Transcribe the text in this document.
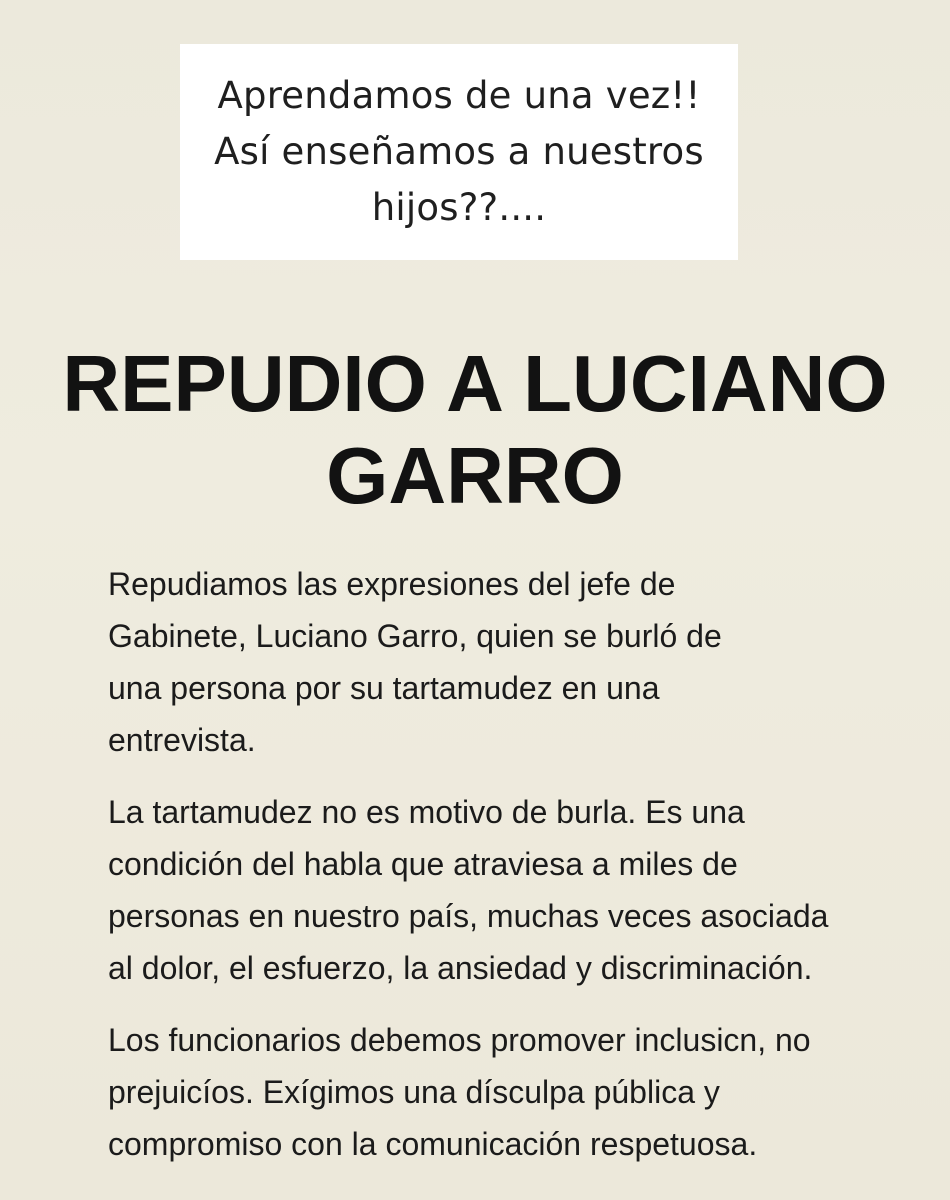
Aprendamos de una vez!! Así enseñamos a nuestros hijos??....
REPUDIO A LUCIANO GARRO

Repudiamos las expresiones del jefe de Gabinete, Luciano Garro, quien se burló de una persona por su tartamudez en una entrevista.

La tartamudez no es motivo de burla. Es una condición del habla que atraviesa a miles de personas en nuestro país, muchas veces asociada al dolor, el esfuerzo, la ansiedad y discriminación.

Los funcionarios debemos promover inclusicn, no prejuicíos. Exígimos una dísculpa pública y compromiso con la comunicación respetuosa.
